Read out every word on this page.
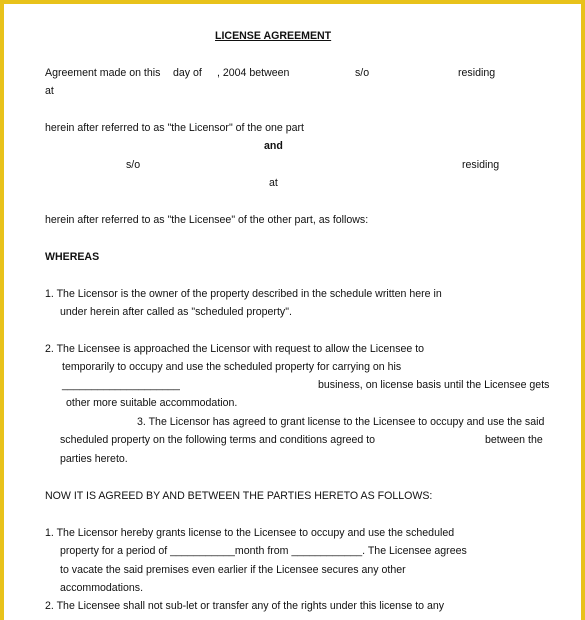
LICENSE AGREEMENT
Agreement made on this day of , 2004 between	s/o	residing
at
herein after referred to as "the Licensor" of the one part
and
s/o	residing
at
herein after referred to as "the Licensee" of the other part, as follows:
WHEREAS
1. The Licensor is the owner of the property described in the schedule written here in
under herein after called as "scheduled property".
2. The Licensee is approached the Licensor with request to allow the Licensee to
temporarily to occupy and use the scheduled property for carrying on his
____________________	business, on license basis until the Licensee gets
other more suitable accommodation.
3. The Licensor has agreed to grant license to the Licensee to occupy and use the said
scheduled property on the following terms and conditions agreed to	between the
parties hereto.
NOW IT IS AGREED BY AND BETWEEN THE PARTIES HERETO AS FOLLOWS:
1. The Licensor hereby grants license to the Licensee to occupy and use the scheduled
property for a period of ___________month from ____________. The Licensee agrees
to vacate the said premises even earlier if the Licensee secures any other
accommodations.
2. The Licensee shall not sub-let or transfer any of the rights under this license to any
